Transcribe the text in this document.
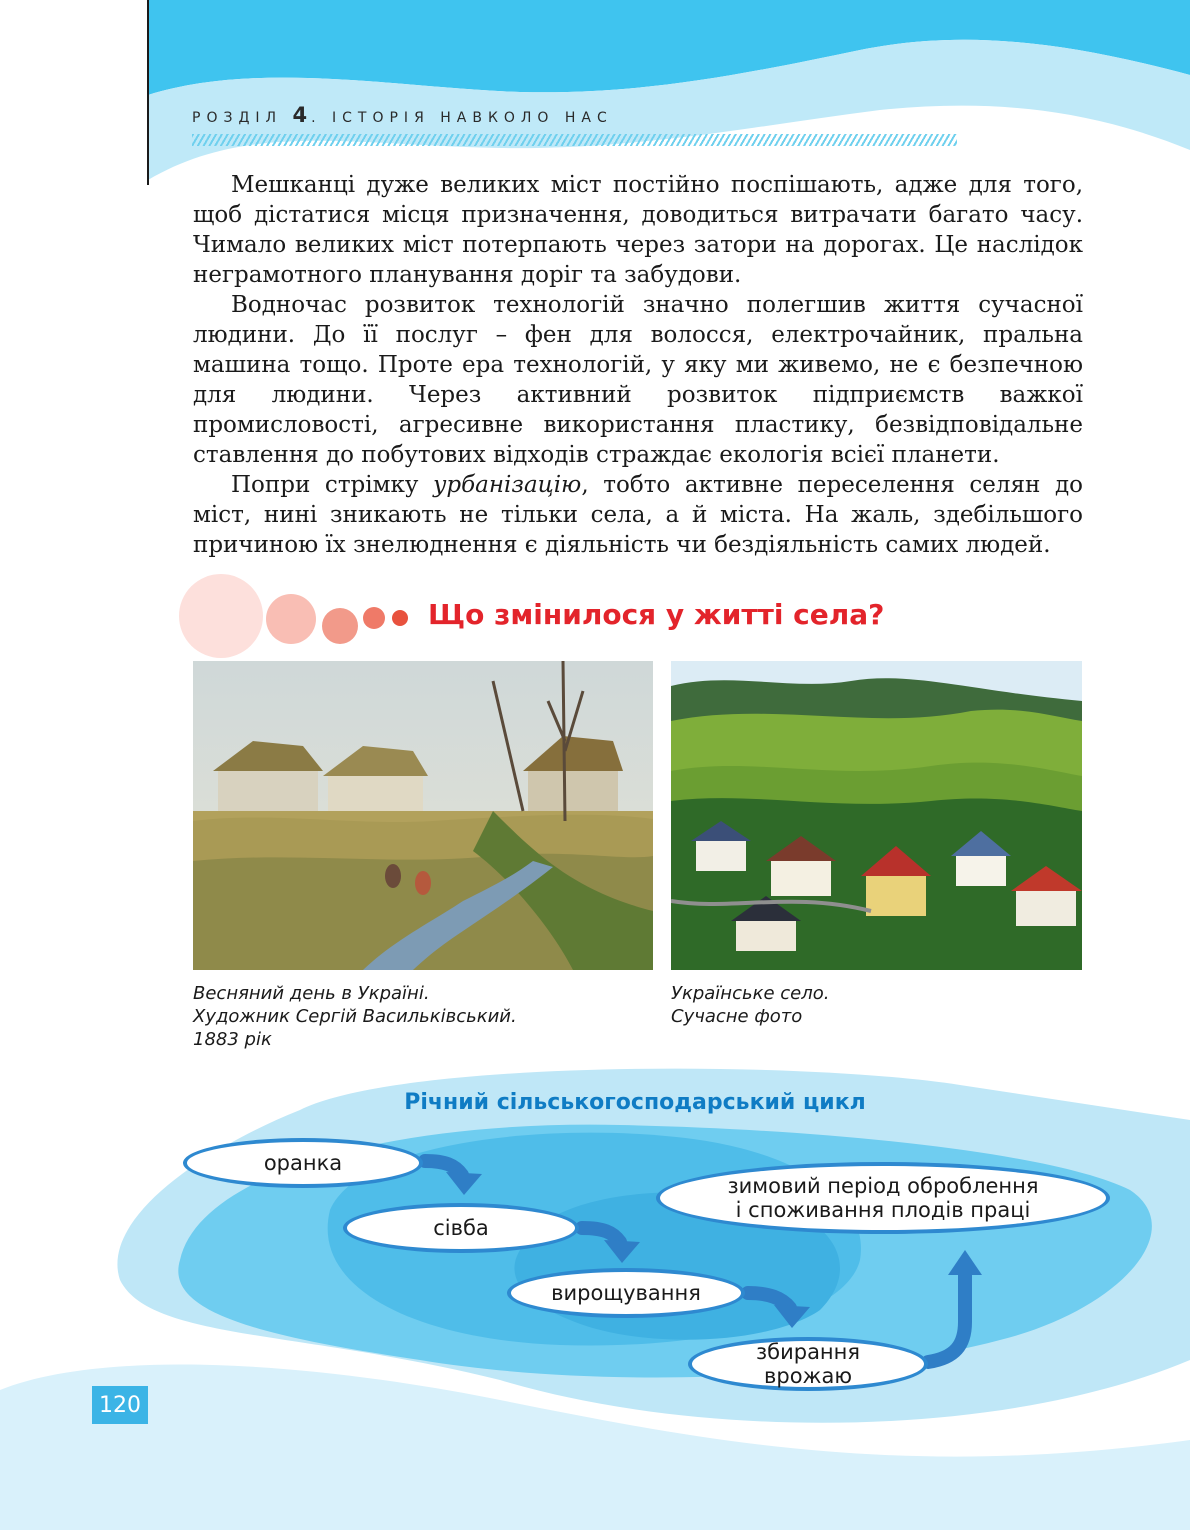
РОЗДІЛ 4. ІСТОРІЯ НАВКОЛО НАС

Мешканці дуже великих міст постійно поспішають, адже для того, щоб дістатися місця призначення, доводиться витрачати багато часу. Чимало великих міст потерпають через затори на дорогах. Це наслідок неграмотного планування доріг та забудови.

Водночас розвиток технологій значно полегшив життя сучасної людини. До її послуг – фен для волосся, електрочайник, пральна машина тощо. Проте ера технологій, у яку ми живемо, не є безпечною для людини. Через активний розвиток підприємств важкої промисловості, агресивне використання пластику, безвідповідальне ставлення до побутових відходів страждає екологія всієї планети.

Попри стрімку урбанізацію, тобто активне переселення селян до міст, нині зникають не тільки села, а й міста. На жаль, здебільшого причиною їх знелюднення є діяльність чи бездіяльність самих людей.

Що змінилося у житті села?
Весняний день в Україні.
Художник Сергій Васильківський.
1883 рік
Українське село.
Сучасне фото
Річний сільськогосподарський цикл
оранка
сівба
вирощування
збирання
врожаю
зимовий період оброблення
і споживання плодів праці
120
